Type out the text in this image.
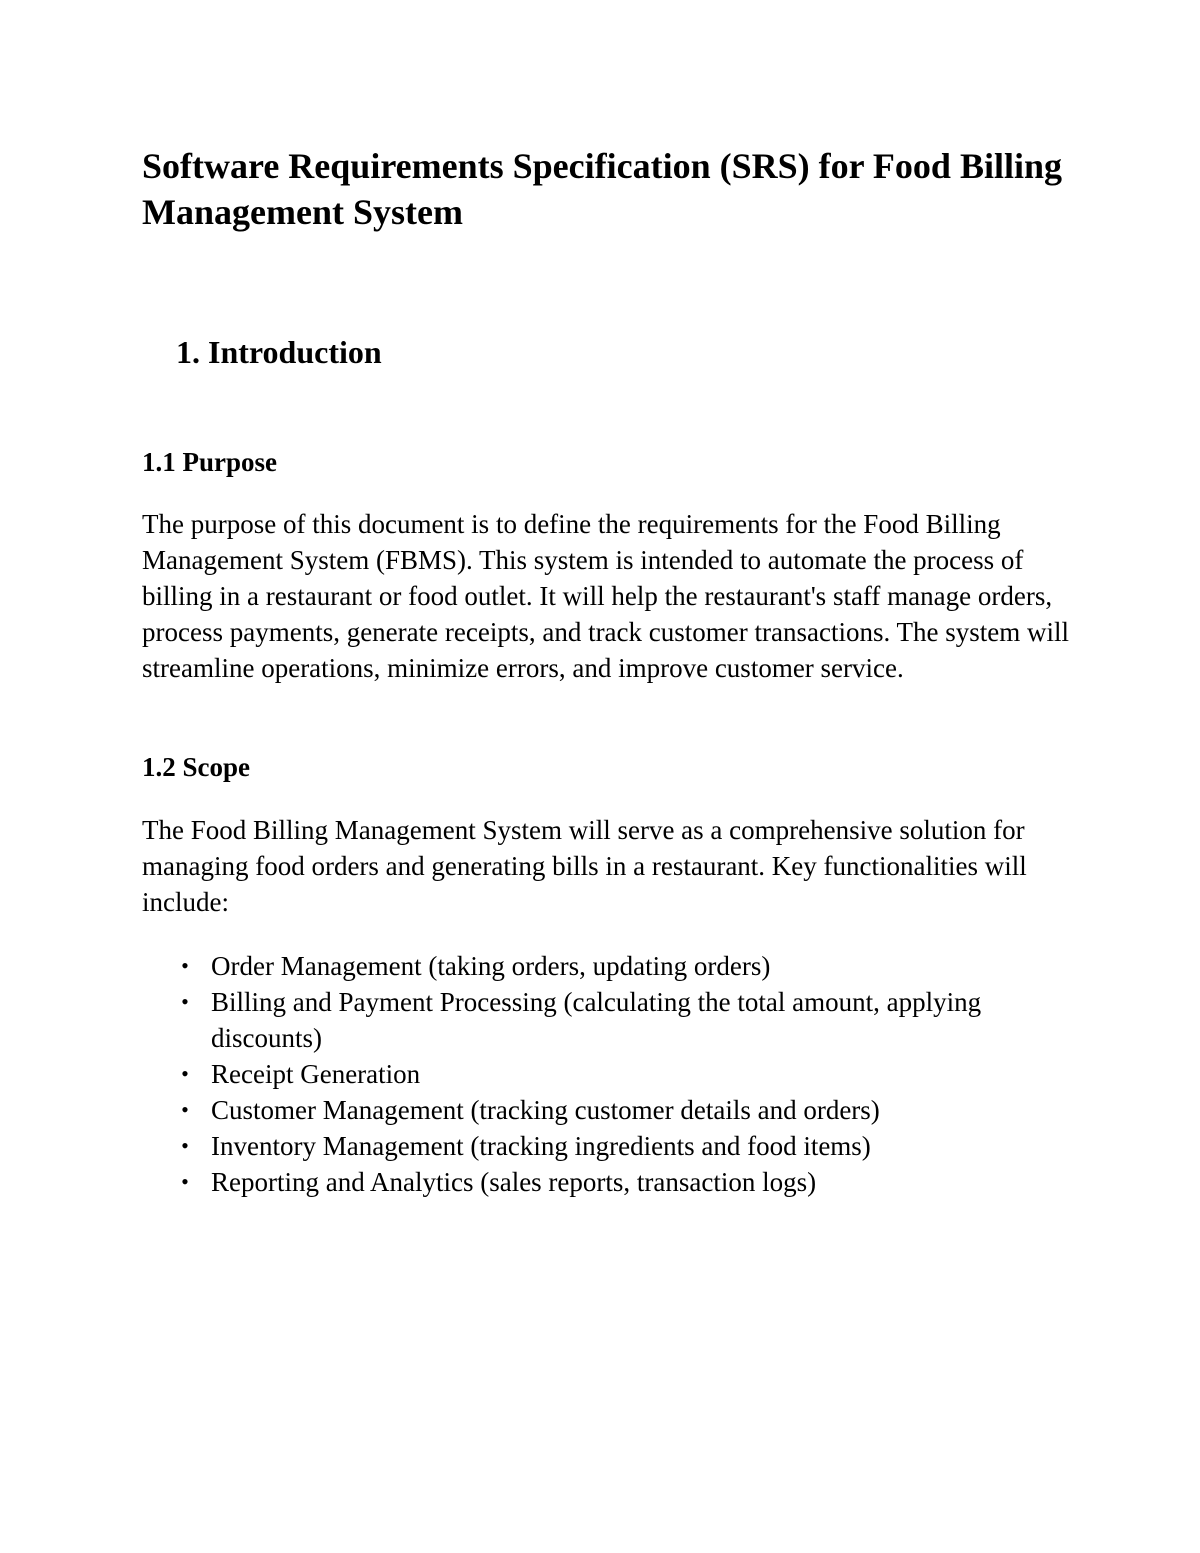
Software Requirements Specification (SRS) for Food Billing Management System
1. Introduction
1.1 Purpose

The purpose of this document is to define the requirements for the Food Billing Management System (FBMS). This system is intended to automate the process of billing in a restaurant or food outlet. It will help the restaurant's staff manage orders, process payments, generate receipts, and track customer transactions. The system will streamline operations, minimize errors, and improve customer service.

1.2 Scope

The Food Billing Management System will serve as a comprehensive solution for managing food orders and generating bills in a restaurant. Key functionalities will include:

• Order Management (taking orders, updating orders)
• Billing and Payment Processing (calculating the total amount, applying discounts)
• Receipt Generation
• Customer Management (tracking customer details and orders)
• Inventory Management (tracking ingredients and food items)
• Reporting and Analytics (sales reports, transaction logs)
